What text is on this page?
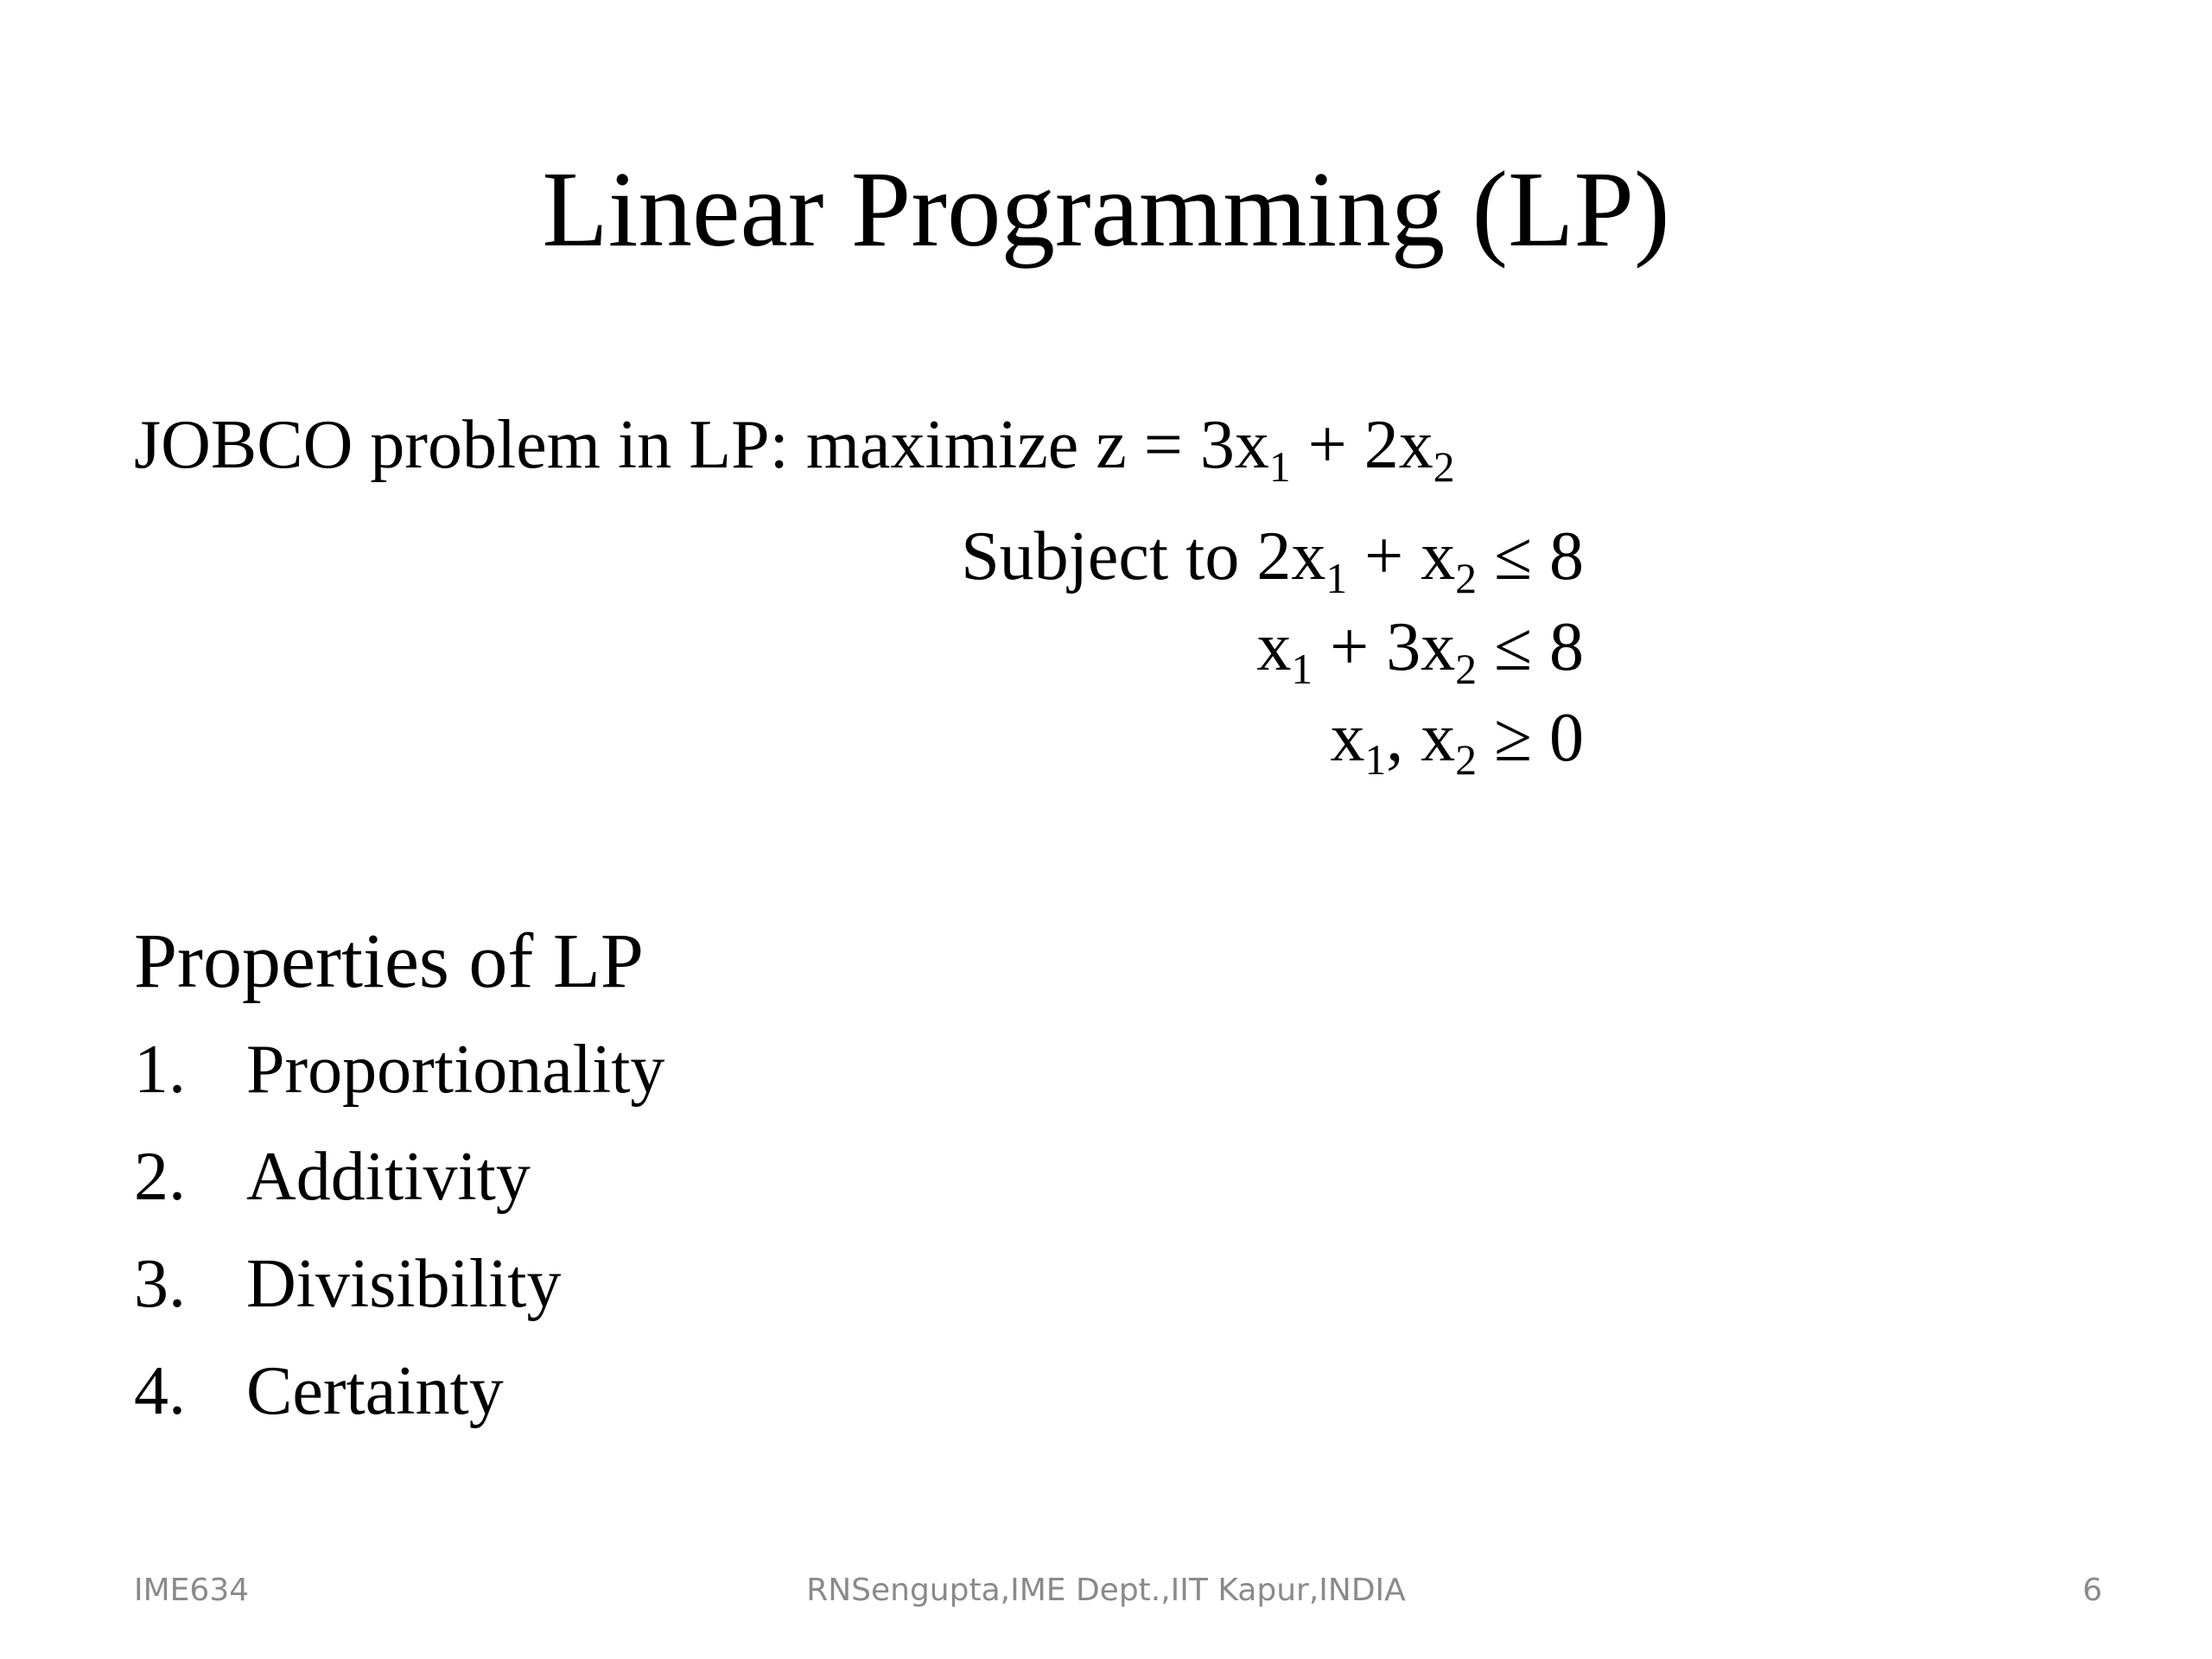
Linear Programming (LP)
JOBCO problem in LP: maximize $z = 3x_1 + 2x_2$
Subject to $2x_1 + x_2 \le 8$
$x_1 + 3x_2 \le 8$
$x_1$, $x_2 \ge 0$
Properties of LP
1. Proportionality
2. Additivity
3. Divisibility
4. Certainty
IME634	RNSengupta,IME Dept.,IIT Kapur,INDIA	6
